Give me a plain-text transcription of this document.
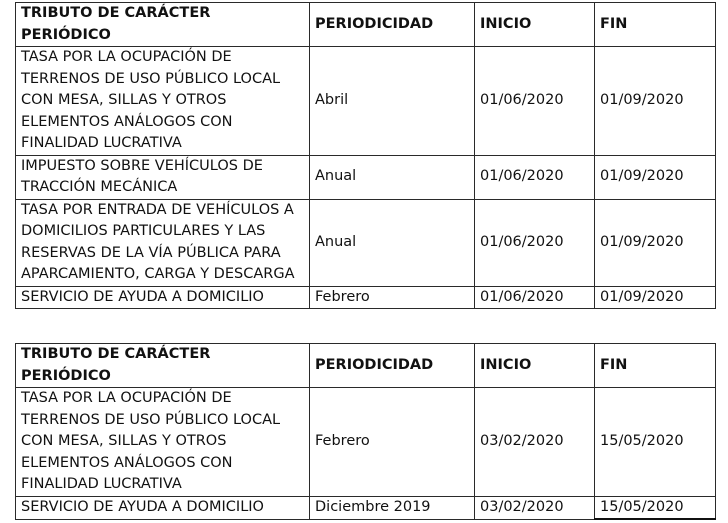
TRIBUTO DE CARÁCTER PERIÓDICO	PERIODICIDAD	INICIO	FIN
TASA POR LA OCUPACIÓN DE TERRENOS DE USO PÚBLICO LOCAL CON MESA, SILLAS Y OTROS ELEMENTOS ANÁLOGOS CON FINALIDAD LUCRATIVA	Abril	01/06/2020	01/09/2020
IMPUESTO SOBRE VEHÍCULOS DE TRACCIÓN MECÁNICA	Anual	01/06/2020	01/09/2020
TASA POR ENTRADA DE VEHÍCULOS A DOMICILIOS PARTICULARES Y LAS RESERVAS DE LA VÍA PÚBLICA PARA APARCAMIENTO, CARGA Y DESCARGA	Anual	01/06/2020	01/09/2020
SERVICIO DE AYUDA A DOMICILIO	Febrero	01/06/2020	01/09/2020
TRIBUTO DE CARÁCTER PERIÓDICO	PERIODICIDAD	INICIO	FIN
TASA POR LA OCUPACIÓN DE TERRENOS DE USO PÚBLICO LOCAL CON MESA, SILLAS Y OTROS ELEMENTOS ANÁLOGOS CON FINALIDAD LUCRATIVA	Febrero	03/02/2020	15/05/2020
SERVICIO DE AYUDA A DOMICILIO	Diciembre 2019	03/02/2020	15/05/2020
